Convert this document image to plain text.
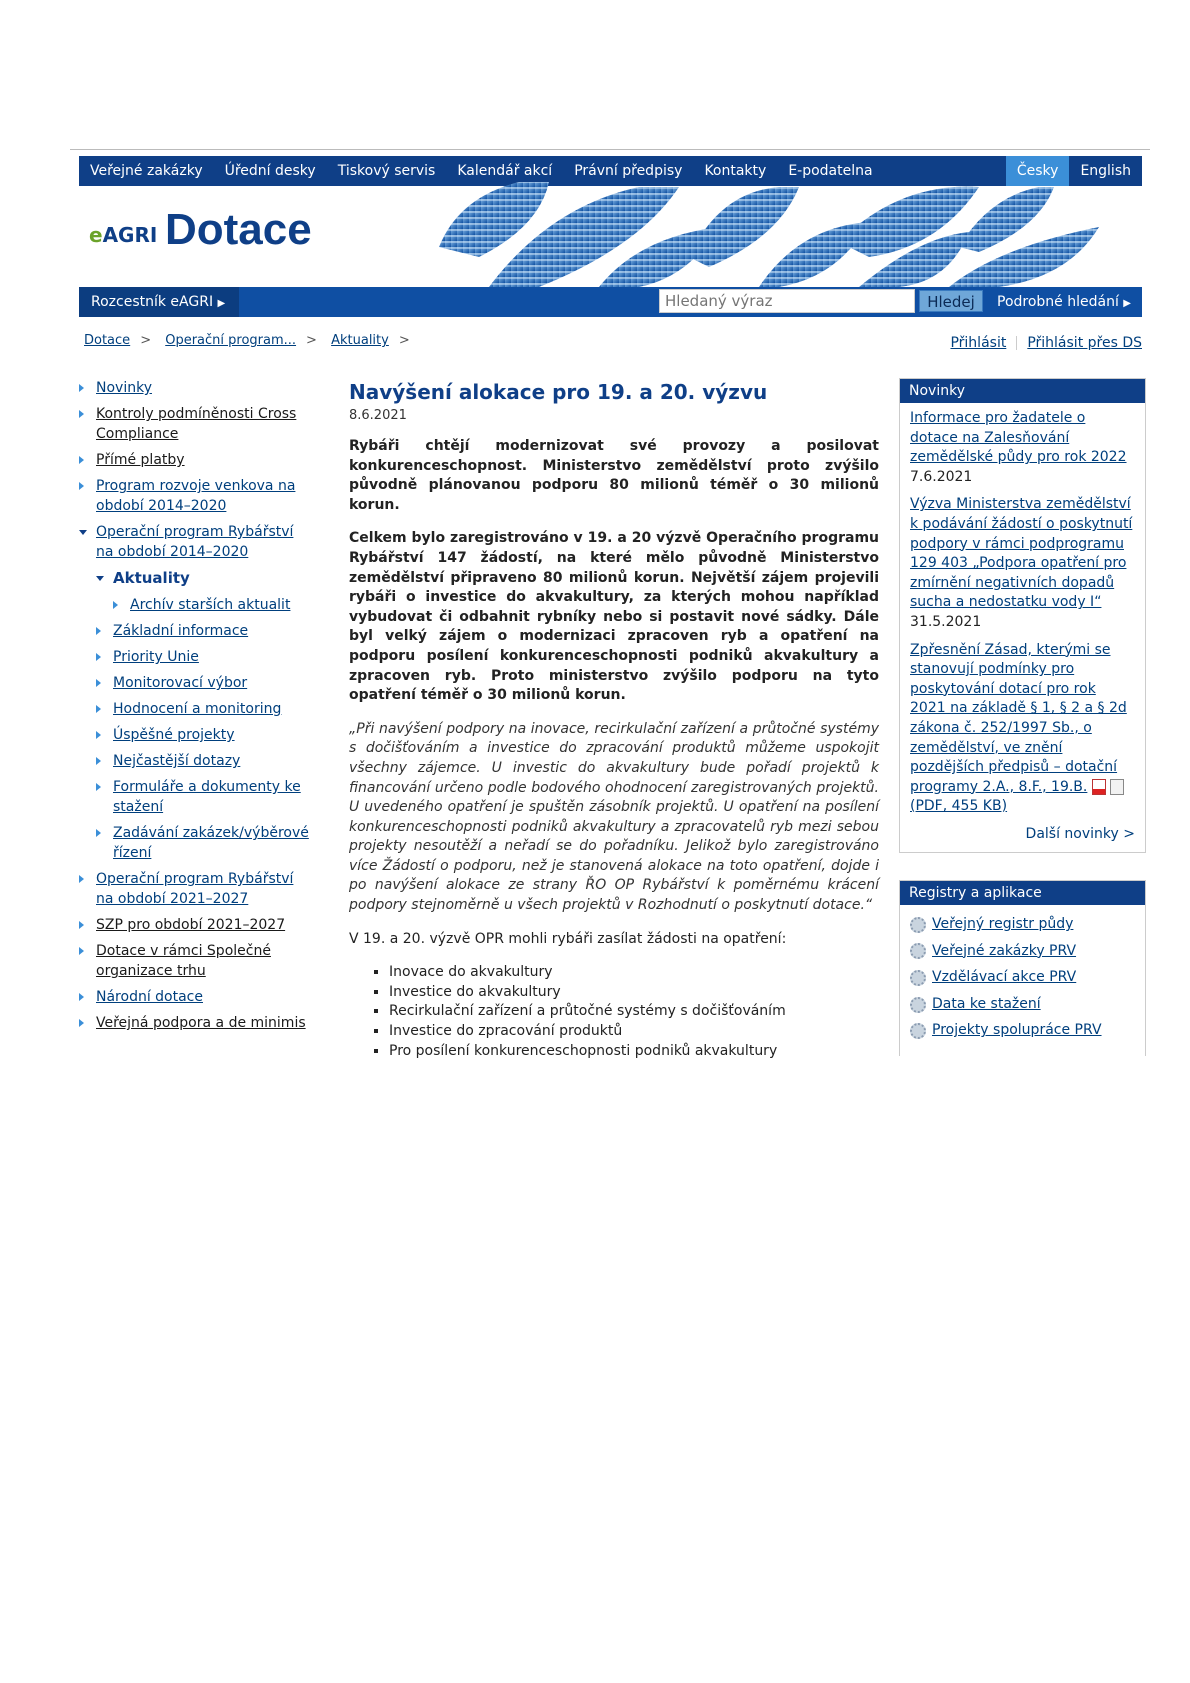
Veřejné zakázky	Úřední desky	Tiskový servis	Kalendář akcí	Právní předpisy	Kontakty	E-podatelna	Česky	English
eAGRI Dotace
Rozcestník eAGRI ▶
Hledaný výraz	Hledej	Podrobné hledání ▶
Dotace > Operační program... > Aktuality >	Přihlásit Přihlásit přes DS
Novinky
Kontroly podmíněnosti Cross Compliance
Přímé platby
Program rozvoje venkova na období 2014–2020
Operační program Rybářství na období 2014–2020
Aktuality
Archív starších aktualit
Základní informace
Priority Unie
Monitorovací výbor
Hodnocení a monitoring
Úspěšné projekty
Nejčastější dotazy
Formuláře a dokumenty ke stažení
Zadávání zakázek/výběrové řízení
Operační program Rybářství na období 2021–2027
SZP pro období 2021–2027
Dotace v rámci Společné organizace trhu
Národní dotace
Veřejná podpora a de minimis
Navýšení alokace pro 19. a 20. výzvu
8.6.2021

Rybáři chtějí modernizovat své provozy a posilovat konkurenceschopnost. Ministerstvo zemědělství proto zvýšilo původně plánovanou podporu 80 milionů téměř o 30 milionů korun.

Celkem bylo zaregistrováno v 19. a 20 výzvě Operačního programu Rybářství 147 žádostí, na které mělo původně Ministerstvo zemědělství připraveno 80 milionů korun. Největší zájem projevili rybáři o investice do akvakultury, za kterých mohou například vybudovat či odbahnit rybníky nebo si postavit nové sádky. Dále byl velký zájem o modernizaci zpracoven ryb a opatření na podporu posílení konkurenceschopnosti podniků akvakultury a zpracoven ryb. Proto ministerstvo zvýšilo podporu na tyto opatření téměř o 30 milionů korun.

„Při navýšení podpory na inovace, recirkulační zařízení a průtočné systémy s dočišťováním a investice do zpracování produktů můžeme uspokojit všechny zájemce. U investic do akvakultury bude pořadí projektů k financování určeno podle bodového ohodnocení zaregistrovaných projektů. U uvedeného opatření je spuštěn zásobník projektů. U opatření na posílení konkurenceschopnosti podniků akvakultury a zpracovatelů ryb mezi sebou projekty nesoutěží a neřadí se do pořadníku. Jelikož bylo zaregistrováno více Žádostí o podporu, než je stanovená alokace na toto opatření, dojde i po navýšení alokace ze strany ŘO OP Rybářství k poměrnému krácení podpory stejnoměrně u všech projektů v Rozhodnutí o poskytnutí dotace.“

V 19. a 20. výzvě OPR mohli rybáři zasílat žádosti na opatření:

▪ Inovace do akvakultury
▪ Investice do akvakultury
▪ Recirkulační zařízení a průtočné systémy s dočišťováním
▪ Investice do zpracování produktů
▪ Pro posílení konkurenceschopnosti podniků akvakultury
Novinky
Informace pro žadatele o dotace na Zalesňování zemědělské půdy pro rok 2022
7.6.2021
Výzva Ministerstva zemědělství k podávání žádostí o poskytnutí podpory v rámci podprogramu 129 403 „Podpora opatření pro zmírnění negativních dopadů sucha a nedostatku vody I“
31.5.2021
Zpřesnění Zásad, kterými se stanovují podmínky pro poskytování dotací pro rok 2021 na základě § 1, § 2 a § 2d zákona č. 252/1997 Sb., o zemědělství, ve znění pozdějších předpisů – dotační programy 2.A., 8.F., 19.B.   (PDF, 455 KB)
Další novinky >
Registry a aplikace
Veřejný registr půdy
Veřejné zakázky PRV
Vzdělávací akce PRV
Data ke stažení
Projekty spolupráce PRV
